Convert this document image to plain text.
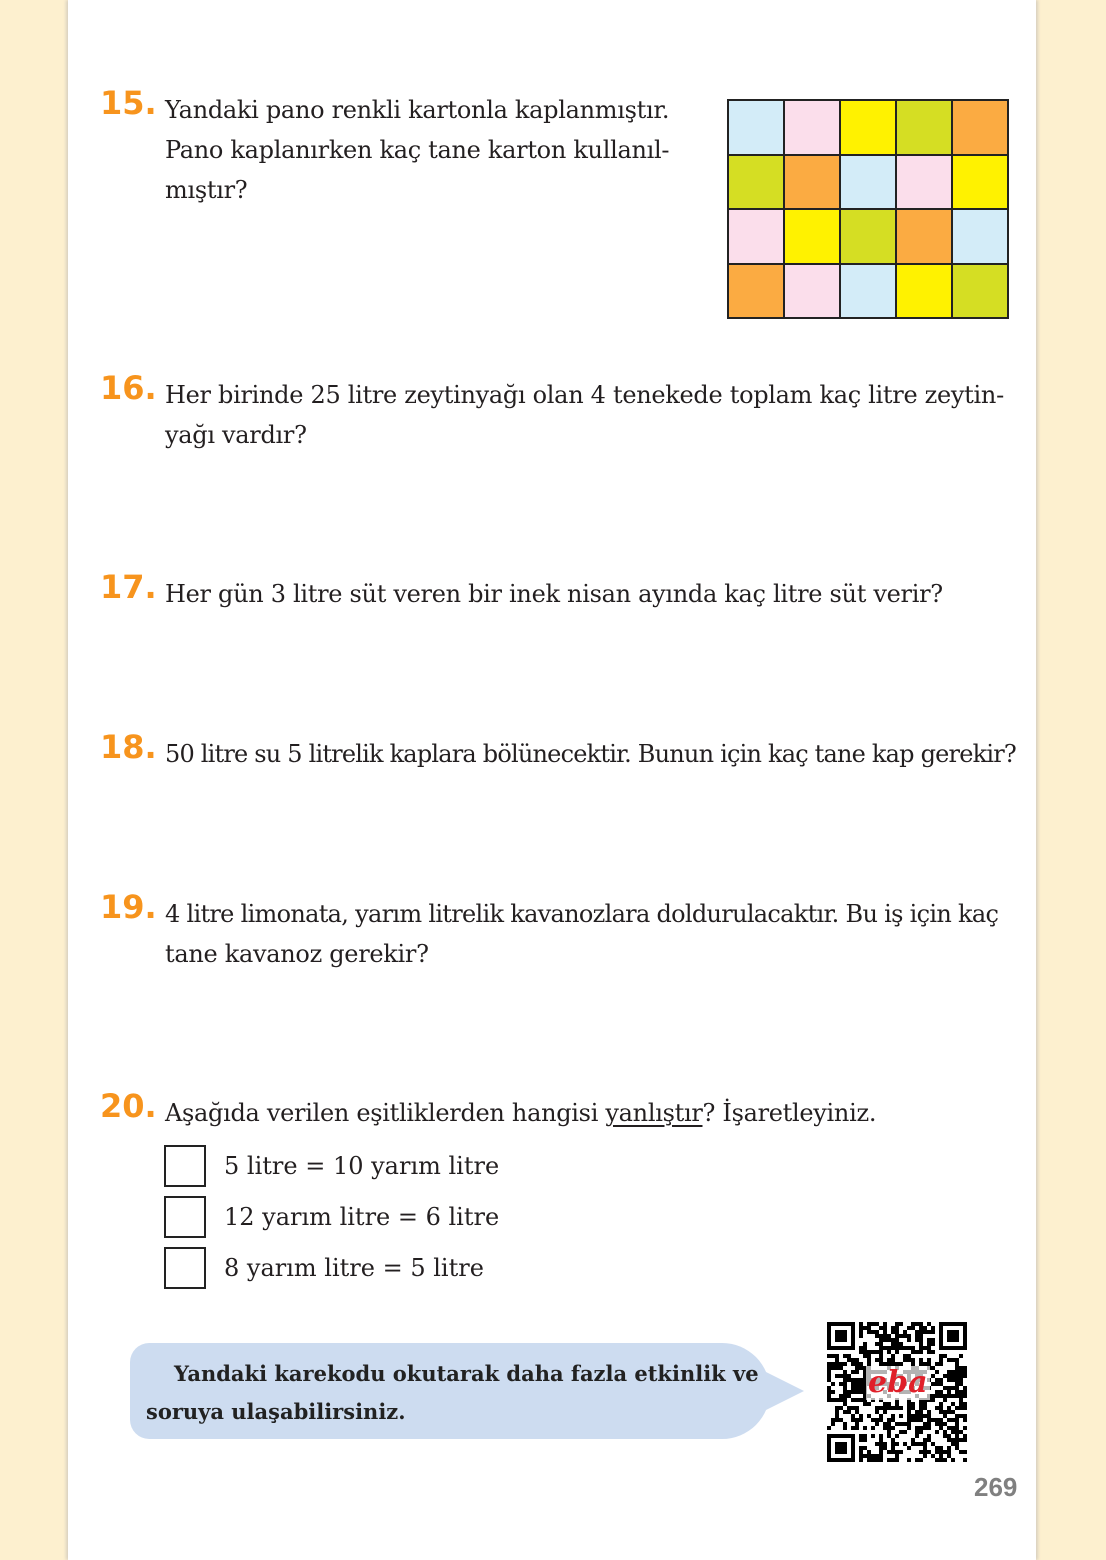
15. Yandaki pano renkli kartonla kaplanmıştır.
Pano kaplanırken kaç tane karton kullanıl-
mıştır?
16. Her birinde 25 litre zeytinyağı olan 4 tenekede toplam kaç litre zeytin-
yağı vardır?
17. Her gün 3 litre süt veren bir inek nisan ayında kaç litre süt verir?
18. 50 litre su 5 litrelik kaplara bölünecektir. Bunun için kaç tane kap gerekir?
19. 4 litre limonata, yarım litrelik kavanozlara doldurulacaktır. Bu iş için kaç
tane kavanoz gerekir?
20. Aşağıda verilen eşitliklerden hangisi yanlıştır? İşaretleyiniz.
5 litre = 10 yarım litre
12 yarım litre = 6 litre
8 yarım litre = 5 litre
Yandaki karekodu okutarak daha fazla etkinlik ve
soruya ulaşabilirsiniz.
eba
269
